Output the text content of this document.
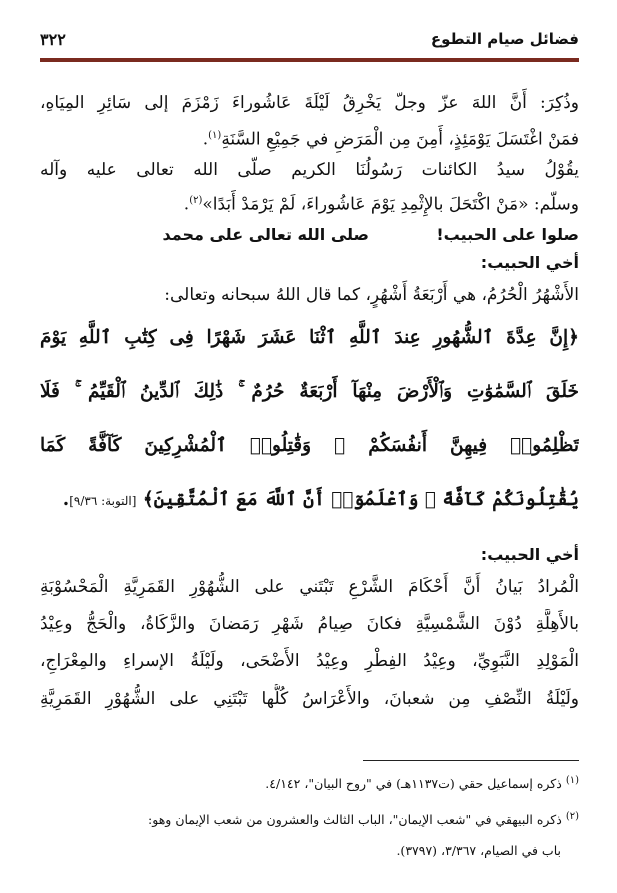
فضائل صيام التطوع
٣٢٢
وذُكِرَ: أَنَّ اللهَ عزّ وجلّ يَخْرِقُ لَيْلَةَ عَاشُوراءَ زَمْزَمَ إلى سَائِرِ المِيَاهِ،
فمَنْ اغْتَسَلَ يَوْمَئِذٍ، أَمِنَ مِن الْمَرَضِ في جَمِيْعِ السَّنَةِ$^{(١)}$.
يقُوْلُ سيدُ الكائنات رَسُولُنَا الكريم صلّى الله تعالى عليه وآله
وسلّم: «مَنْ اكْتَحَلَ بالإِثْمِدِ يَوْمَ عَاشُوراءَ، لَمْ يَرْمَدْ أَبَدًا»$^{(٢)}$.
صلوا على الحبيب!
صلى الله تعالى على محمد
أخي الحبيب:
الأَشْهُرُ الْحُرُمُ، هي أَرْبَعَةُ أَشْهُرٍ، كما قال اللهُ سبحانه وتعالى:
﴿إِنَّ عِدَّةَ ٱلشُّهُورِ عِندَ ٱللَّهِ ٱثْنَا عَشَرَ شَهْرًا فِى كِتَٰبِ ٱللَّهِ يَوْمَ
خَلَقَ ٱلسَّمَٰوَٰتِ وَٱلْأَرْضَ مِنْهَآ أَرْبَعَةٌ حُرُمٌ ۚ ذَٰلِكَ ٱلدِّينُ ٱلْقَيِّمُ ۚ فَلَا
تَظْلِمُوا۟ فِيهِنَّ أَنفُسَكُمْ ۚ وَقَٰتِلُوا۟ ٱلْمُشْرِكِينَ كَآفَّةً كَمَا
يُقَٰتِلُونَكُمْ كَآفَّةً ۚ وَٱعْلَمُوٓا۟ أَنَّ ٱللَّهَ مَعَ ٱلْمُتَّقِينَ﴾ [التوبة: ٩/٣٦].
أخي الحبيب:
الْمُرادُ بَيانُ أَنَّ أَحْكَامَ الشَّرْعِ تَبْتَني على الشُّهُوْرِ القَمَرِيَّةِ الْمَحْسُوْبَةِ
بالأَهِلَّةِ دُوْنَ الشَّمْسِيَّةِ فكانَ صِيامُ شَهْرِ رَمَضانَ والزَّكَاةُ، والْحَجُّ وعِيْدُ
الْمَوْلِدِ النَّبَوِيِّ، وعِيْدُ الفِطْرِ وعِيْدُ الأَضْحَى، ولَيْلَةُ الإسراءِ والمِعْرَاجِ،
ولَيْلَةُ النِّصْفِ مِن شعبانَ، والأَعْرَاسُ كُلُّها تَبْتَنِي على الشُّهُوْرِ القَمَرِيَّةِ
$^{(١)}$ ذكره إسماعيل حقي (ت١١٣٧هـ) في "روح البيان"، ٤/١٤٢.
$^{(٢)}$ ذكره البيهقي في "شعب الإيمان"، الباب الثالث والعشرون من شعب الإيمان وهو:
باب في الصيام، ٣/٣٦٧، (٣٧٩٧).
